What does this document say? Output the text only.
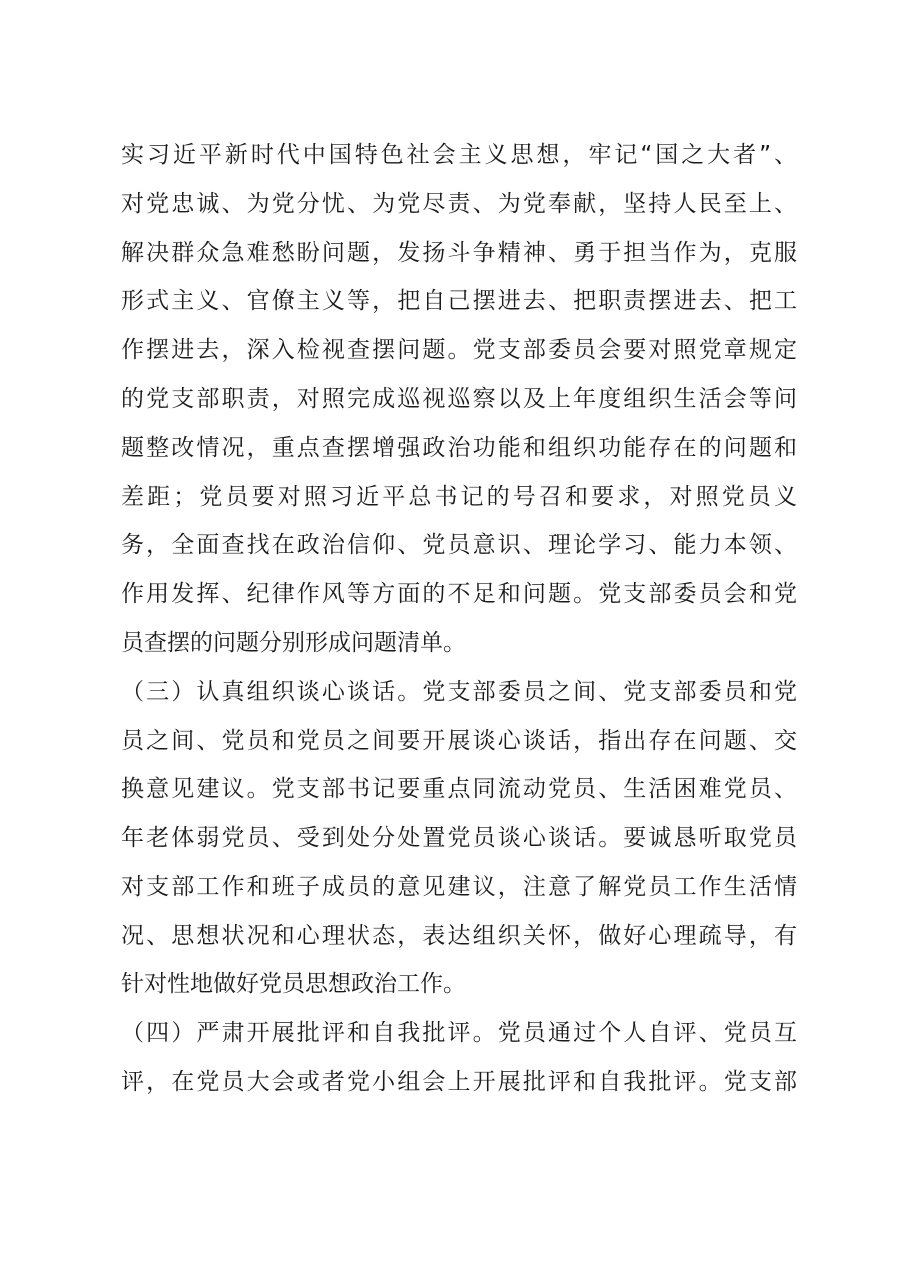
实习近平新时代中国特色社会主义思想，牢记“国之大者”、
对党忠诚、为党分忧、为党尽责、为党奉献，坚持人民至上、
解决群众急难愁盼问题，发扬斗争精神、勇于担当作为，克服
形式主义、官僚主义等，把自己摆进去、把职责摆进去、把工
作摆进去，深入检视查摆问题。党支部委员会要对照党章规定
的党支部职责，对照完成巡视巡察以及上年度组织生活会等问
题整改情况，重点查摆增强政治功能和组织功能存在的问题和
差距；党员要对照习近平总书记的号召和要求，对照党员义
务，全面查找在政治信仰、党员意识、理论学习、能力本领、
作用发挥、纪律作风等方面的不足和问题。党支部委员会和党
员查摆的问题分别形成问题清单。
（三）认真组织谈心谈话。党支部委员之间、党支部委员和党
员之间、党员和党员之间要开展谈心谈话，指出存在问题、交
换意见建议。党支部书记要重点同流动党员、生活困难党员、
年老体弱党员、受到处分处置党员谈心谈话。要诚恳听取党员
对支部工作和班子成员的意见建议，注意了解党员工作生活情
况、思想状况和心理状态，表达组织关怀，做好心理疏导，有
针对性地做好党员思想政治工作。
（四）严肃开展批评和自我批评。党员通过个人自评、党员互
评，在党员大会或者党小组会上开展批评和自我批评。党支部
